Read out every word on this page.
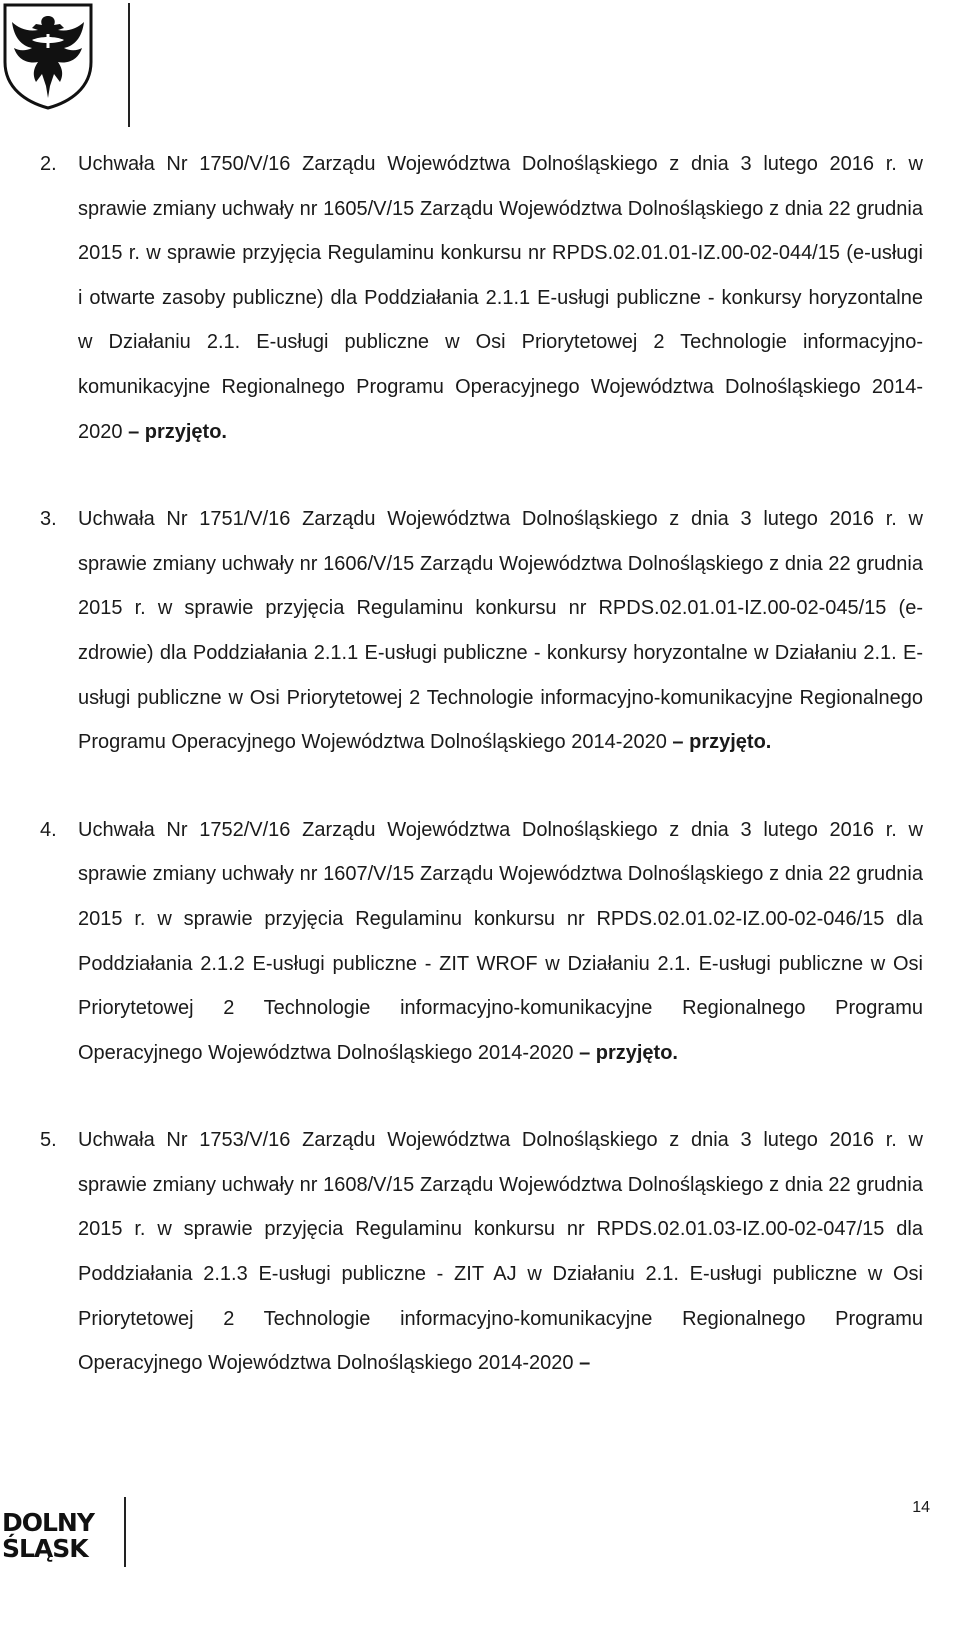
2. Uchwała Nr 1750/V/16 Zarządu Województwa Dolnośląskiego z dnia 3 lutego 2016 r. w sprawie zmiany uchwały nr 1605/V/15 Zarządu Województwa Dolnośląskiego z dnia 22 grudnia 2015 r. w sprawie przyjęcia Regulaminu konkursu nr RPDS.02.01.01-IZ.00-02-044/15 (e-usługi i otwarte zasoby publiczne) dla Poddziałania 2.1.1 E-usługi publiczne - konkursy horyzontalne w Działaniu 2.1. E-usługi publiczne w Osi Priorytetowej 2 Technologie informacyjno-komunikacyjne Regionalnego Programu Operacyjnego Województwa Dolnośląskiego 2014-2020 – przyjęto.
3. Uchwała Nr 1751/V/16 Zarządu Województwa Dolnośląskiego z dnia 3 lutego 2016 r. w sprawie zmiany uchwały nr 1606/V/15 Zarządu Województwa Dolnośląskiego z dnia 22 grudnia 2015 r. w sprawie przyjęcia Regulaminu konkursu nr RPDS.02.01.01-IZ.00-02-045/15 (e-zdrowie) dla Poddziałania 2.1.1 E-usługi publiczne - konkursy horyzontalne w Działaniu 2.1. E-usługi publiczne w Osi Priorytetowej 2 Technologie informacyjno-komunikacyjne Regionalnego Programu Operacyjnego Województwa Dolnośląskiego 2014-2020 – przyjęto.
4. Uchwała Nr 1752/V/16 Zarządu Województwa Dolnośląskiego z dnia 3 lutego 2016 r. w sprawie zmiany uchwały nr 1607/V/15 Zarządu Województwa Dolnośląskiego z dnia 22 grudnia 2015 r. w sprawie przyjęcia Regulaminu konkursu nr RPDS.02.01.02-IZ.00-02-046/15 dla Poddziałania 2.1.2 E-usługi publiczne - ZIT WROF w Działaniu 2.1. E-usługi publiczne w Osi Priorytetowej 2 Technologie informacyjno-komunikacyjne Regionalnego Programu Operacyjnego Województwa Dolnośląskiego 2014-2020 – przyjęto.
5. Uchwała Nr 1753/V/16 Zarządu Województwa Dolnośląskiego z dnia 3 lutego 2016 r. w sprawie zmiany uchwały nr 1608/V/15 Zarządu Województwa Dolnośląskiego z dnia 22 grudnia 2015 r. w sprawie przyjęcia Regulaminu konkursu nr RPDS.02.01.03-IZ.00-02-047/15 dla Poddziałania 2.1.3 E-usługi publiczne - ZIT AJ w Działaniu 2.1. E-usługi publiczne w Osi Priorytetowej 2 Technologie informacyjno-komunikacyjne Regionalnego Programu Operacyjnego Województwa Dolnośląskiego 2014-2020 –
DOLNY
ŚLĄSK
14
